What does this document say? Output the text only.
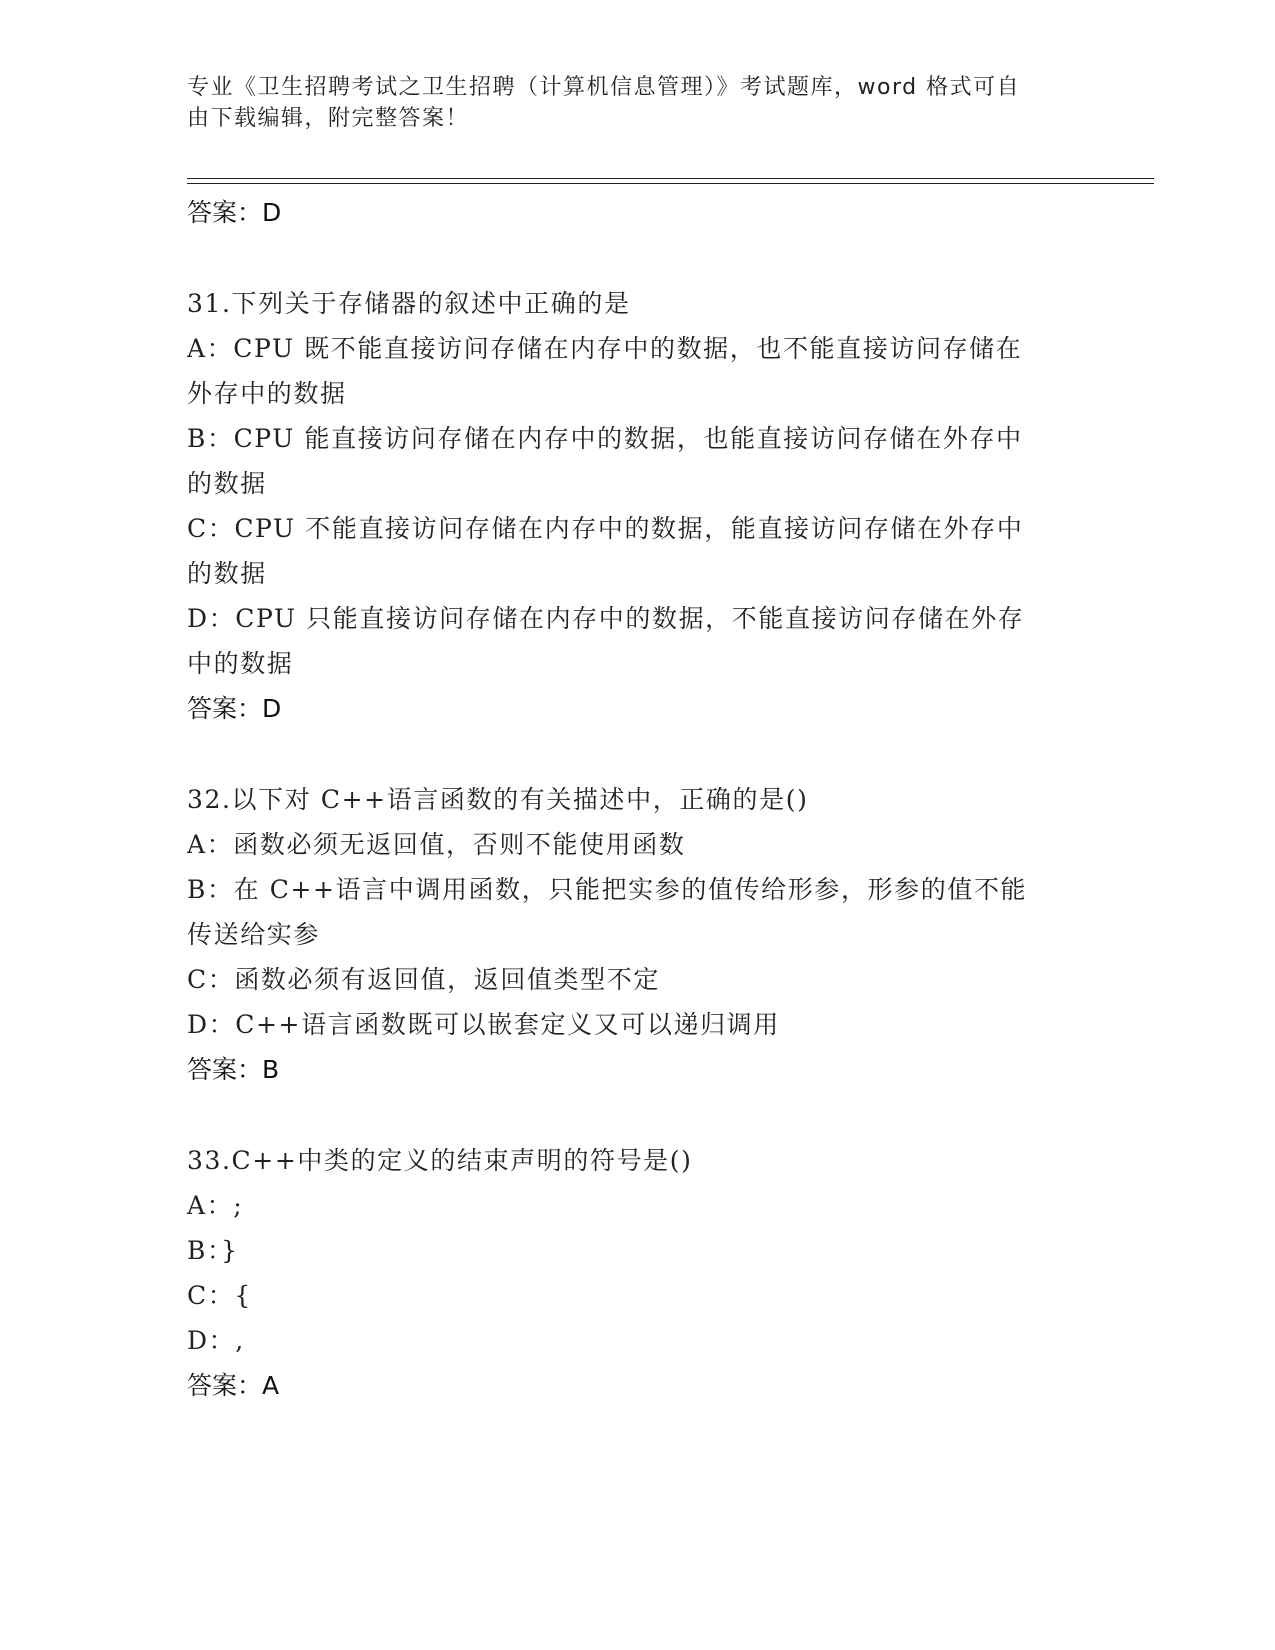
专业《卫生招聘考试之卫生招聘（计算机信息管理）》考试题库，word 格式可自
由下载编辑，附完整答案！
答案：D
31.下列关于存储器的叙述中正确的是
A：CPU 既不能直接访问存储在内存中的数据，也不能直接访问存储在
外存中的数据
B：CPU 能直接访问存储在内存中的数据，也能直接访问存储在外存中
的数据
C：CPU 不能直接访问存储在内存中的数据，能直接访问存储在外存中
的数据
D：CPU 只能直接访问存储在内存中的数据，不能直接访问存储在外存
中的数据
答案：D
32.以下对 C++语言函数的有关描述中，正确的是()
A：函数必须无返回值，否则不能使用函数
B：在 C++语言中调用函数，只能把实参的值传给形参，形参的值不能
传送给实参
C：函数必须有返回值，返回值类型不定
D：C++语言函数既可以嵌套定义又可以递归调用
答案：B
33.C++中类的定义的结束声明的符号是()
A：;
B：}
C：{
D：,
答案：A
